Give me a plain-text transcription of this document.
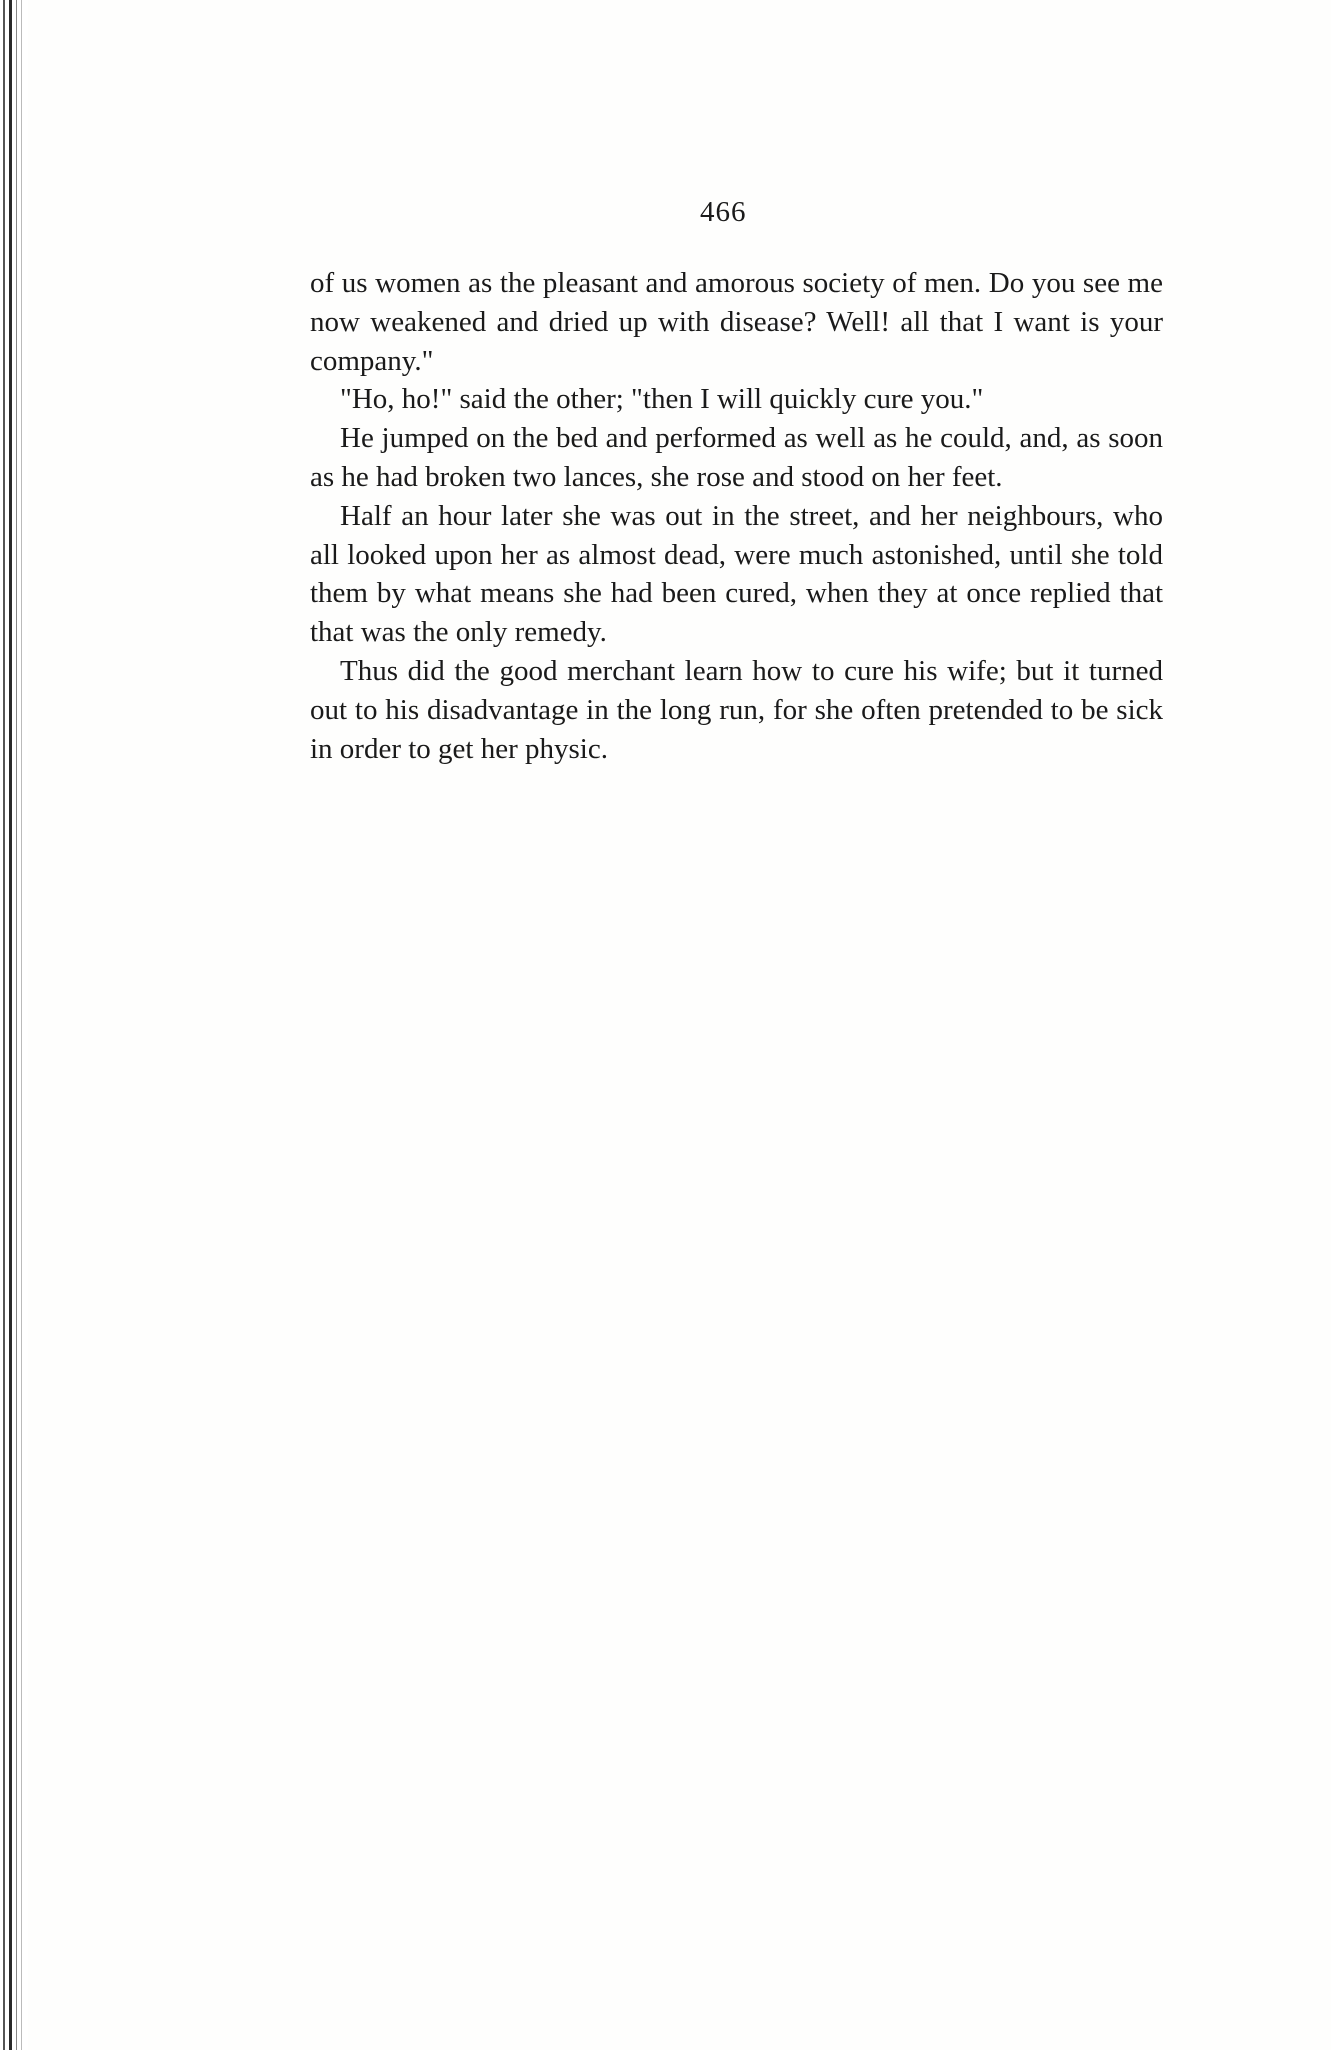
466

of us women as the pleasant and amorous society of men. Do you see me now weakened and dried up with disease? Well! all that I want is your company."

"Ho, ho!" said the other; "then I will quickly cure you."

He jumped on the bed and performed as well as he could, and, as soon as he had broken two lances, she rose and stood on her feet.

Half an hour later she was out in the street, and her neighbours, who all looked upon her as almost dead, were much astonished, until she told them by what means she had been cured, when they at once replied that that was the only remedy.

Thus did the good merchant learn how to cure his wife; but it turned out to his disadvantage in the long run, for she often pretended to be sick in order to get her physic.
